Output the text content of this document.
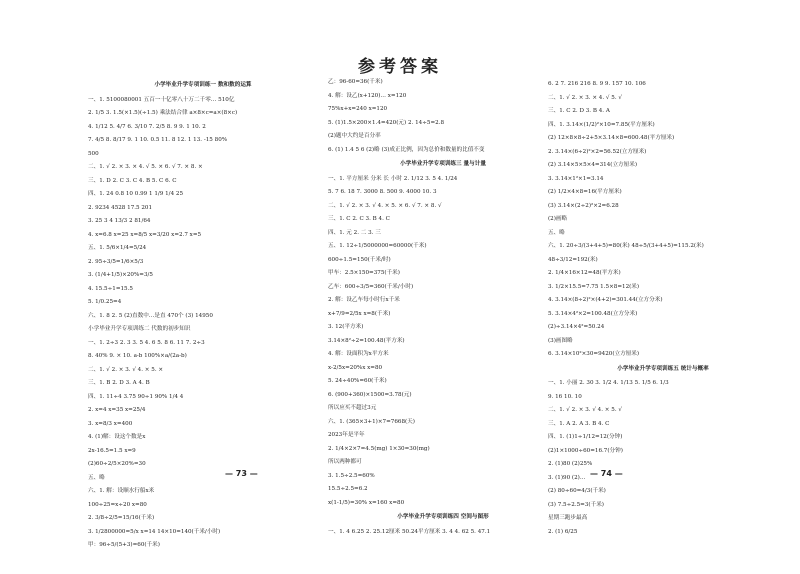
参考答案
小学毕业升学专项训练一 数和数的运算
一、1. 5100080001 五百一十亿零八十万二千零… 510亿
2. 1/5 3. 1.5(×1.5)(÷1.5) 乘法结合律 a×8×c=a×(8×c)
4. 1/12 5. 4/7 6. 3/10 7. 2/5 8. 9 9. 1 10. 2
7. 4/5 8. 8/17 9. 1 10. 0.5 11. 8 12. 1 13. -15 80%
500
二、1. √ 2. × 3. × 4. √ 5. × 6. √ 7. × 8. ×
三、1. D 2. C 3. C 4. B 5. C 6. C
四、1. 24 0.8 10 0.99 1 1/9 1/4 25
2. 9234 4528 17.5 201
3. 25 3 4 13/3 2 81/64
4. x=6.8 x=25 x=8/5 x=3/20 x=2.7 x=5
五、1. 5/6×1/4=5/24
2. 95÷3/5=1/6×5/3
3. (1/4+1/5)×20%=3/5
4. 15.5÷1=15.5
5. 1/0.25=4
六、1. 8 2. 5 (2)直数中…是直 470个 (3) 14950
小学毕业升学专项训练二 代数的初步知识
一、1. 2÷3 2. 3 3. 5 4. 6 5. 8 6. 11 7. 2÷3
8. 40% 9. × 10. a-b 100%×a/(2a-b)
二、1. √ 2. × 3. √ 4. × 5. ×
三、1. B 2. D 3. A 4. B
四、1. 11÷4 3.75 90÷1 90% 1/4 4
2. x=4 x=35 x=25/4
3. x=8/3 x=400
4. (1)解：设这个数是x
2x-16.5=1.5 x=9
(2)60÷2/5×20%=30
五、略
六、1. 解：设顺水行船x米
100÷25=x÷20 x=80
2. 3/8÷2/5=15/16(千米)
3. 1/2800000=5/x x=14 14×10=140(千米/小时)
甲：96÷5/(5+3)=60(千米)
乙：96-60=36(千米)
4. 解：设乙(x+120)… x=120
75%x+x=240 x=120
5. (1)1.5×200×1.4=420(元) 2. 14÷5=2.8
(2)题中大约是百分率
6. (1) 1.4 5 6 (2)略 (3)成正比例，因为总价和数量的比值不变
小学毕业升学专项训练三 量与计量
一、1. 平方厘米 分米 长 小时 2. 1/12 3. 5 4. 1/24
5. 7 6. 18 7. 3000 8. 500 9. 4000 10. 3
二、1. √ 2. × 3. √ 4. × 5. × 6. √ 7. × 8. √
三、1. C 2. C 3. B 4. C
四、1. 元 2. 二 3. 三
五、1. 12÷1/5000000=60000(千米)
600÷1.5=150(千米/时)
甲车：2.5×150=375(千米)
乙车：600÷3/5=360(千米/小时)
2. 解：设乙车每小时行x千米
x+7/9=2/5x x=8(千米)
3. 12(平方米)
3.14×8²÷2=100.48(平方米)
4. 解：设面积为x平方米
x-2/5x=20%x x=80
5. 24÷40%=60(千米)
6. (900+360)×1500=3.78(元)
所以应买不超过3元
六、1. (365×3+1)×7=7668(天)
2023年是平年
2. 1/4×2×7=4.5(mg) 1×30=30(mg)
所以两种都可
3. 1.5÷2.5=60%
15.5÷2.5=6.2
x(1-1/5)=30% x=160 x=80
小学毕业升学专项训练四 空间与图形
一、1. 4 6.25 2. 25.12厘米 50.24平方厘米 3. 4 4. 62 5. 47.1
6. 2 7. 216 216 8. 9 9. 157 10. 106
二、1. √ 2. × 3. × 4. √ 5. √
三、1. C 2. D 3. B 4. A
四、1. 3.14×(1/2)²×10=7.85(平方厘米)
(2) 12×8×8÷2+5×3.14×8=600.48(平方厘米)
2. 3.14×(6÷2)²×2=56.52(立方厘米)
(2) 3.14×5×5×4=314(立方厘米)
3. 3.14×1²×1=3.14
(2) 1/2×4×8=16(平方厘米)
(3) 3.14×(2÷2)²×2=6.28
(2)画略
五、略
六、1. 20÷3/(3+4+5)=80(米) 48÷5/(3+4+5)=115.2(米)
48÷3/12=192(米)
2. 1/4×16×12=48(平方米)
3. 1/2×15.5=7.75 1.5×8=12(米)
4. 3.14×(8÷2)²×(4+2)=301.44(立方分米)
5. 3.14×4²×2=100.48(立方分米)
(2)÷3.14×4²=50.24
(3)画图略
6. 3.14×10²×30=9420(立方厘米)
小学毕业升学专项训练五 统计与概率
一、1. 小丽 2. 30 3. 1/2 4. 1/13 5. 1/5 6. 1/3
9. 16 10. 10
二、1. √ 2. × 3. √ 4. × 5. √
三、1. A 2. A 3. B 4. C
四、1. (1)1÷1/12=12(分钟)
(2)1×1000÷60=16.7(分钟)
2. (1)80 (2)25%
3. (1)90 (2)…
(2) 80÷60=4/3(千米)
(3) 7.5÷2.5=3(千米)
星期三跑步最高
2. (1) 6/25
— 73 —	— 74 —
